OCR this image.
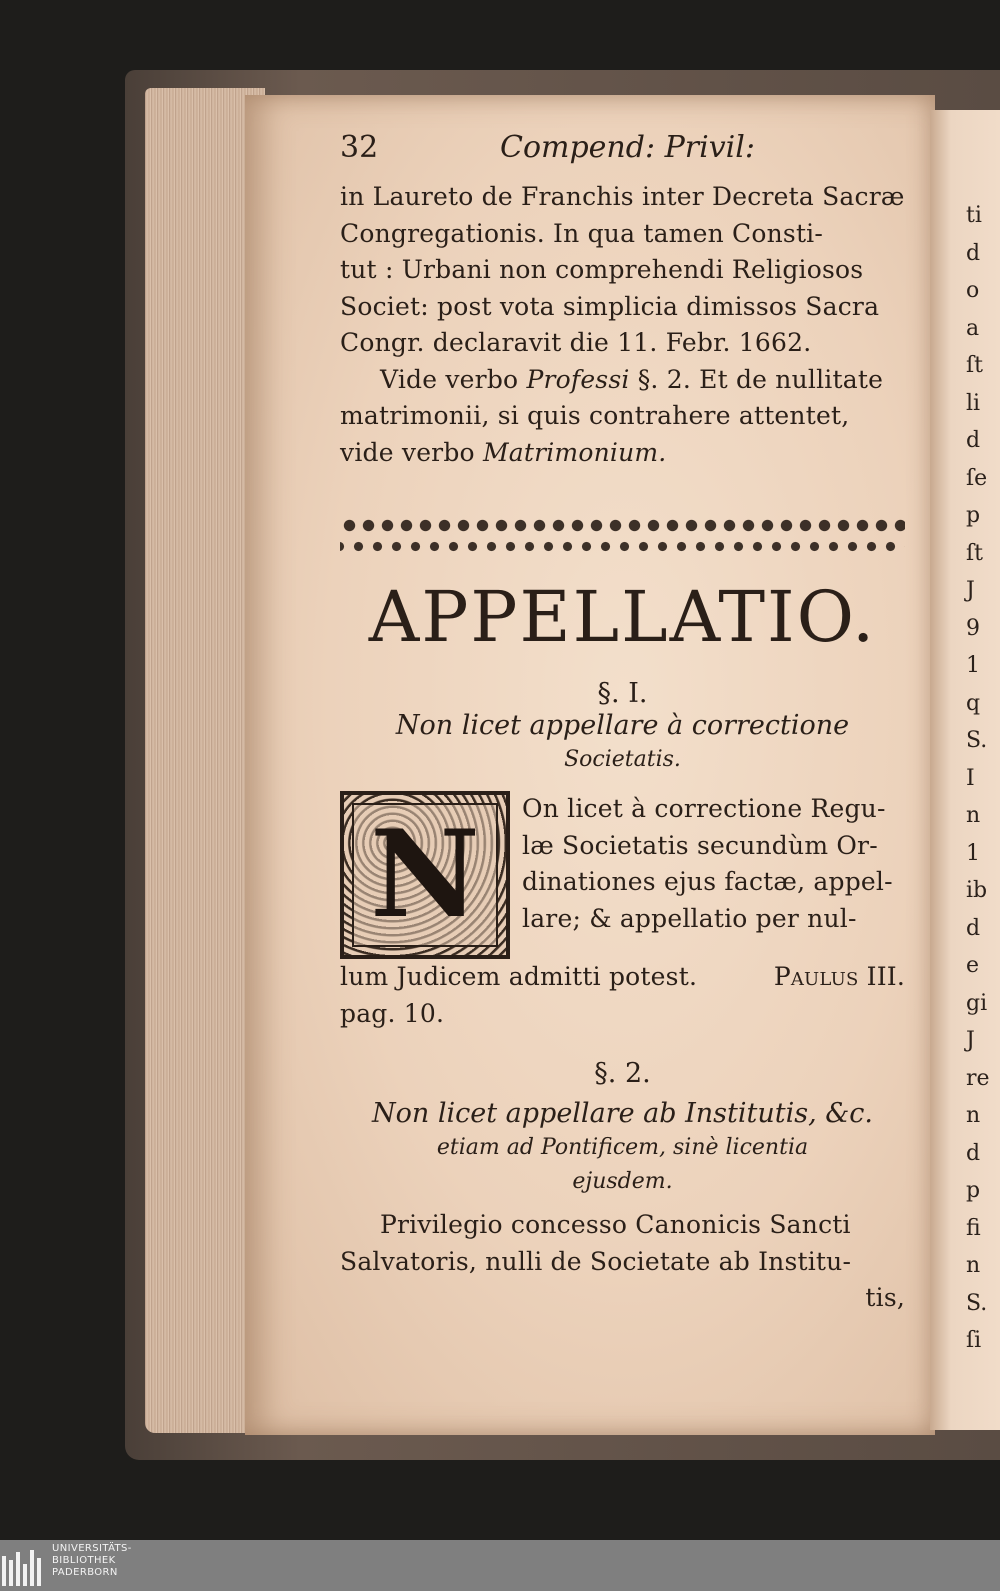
32	Compend: Privil:
in Laureto de Franchis inter Decreta Sacræ
Congregationis. In qua tamen Consti-
tut : Urbani non comprehendi Religiosos
Societ: post vota simplicia dimissos Sacra
Congr. declaravit die 11. Febr. 1662.
Vide verbo Professi §. 2. Et de nullitate
matrimonii, si quis contrahere attentet,
vide verbo Matrimonium.
APPELLATIO.
§. I.
Non licet appellare à correctione
Societatis.
N On licet à correctione Regu-
læ Societatis secundùm Or-
dinationes ejus factæ, appel-
lare; & appellatio per nul-
lum Judicem admitti potest.	Paulus III.
pag. 10.
§. 2.
Non licet appellare ab Institutis, &c.
etiam ad Pontificem, sinè licentia
ejusdem.
Privilegio concesso Canonicis Sancti
Salvatoris, nulli de Societate ab Institu-
tis,
ti
d
o
a
ſt
li
d
ſe
p
ſt
J
9
1
q
S.
I
n
1
ib
d
e
gi
J
re
n
d
p
fi
n
S.
ſi
UNIVERSITÄTS-
BIBLIOTHEK
PADERBORN
